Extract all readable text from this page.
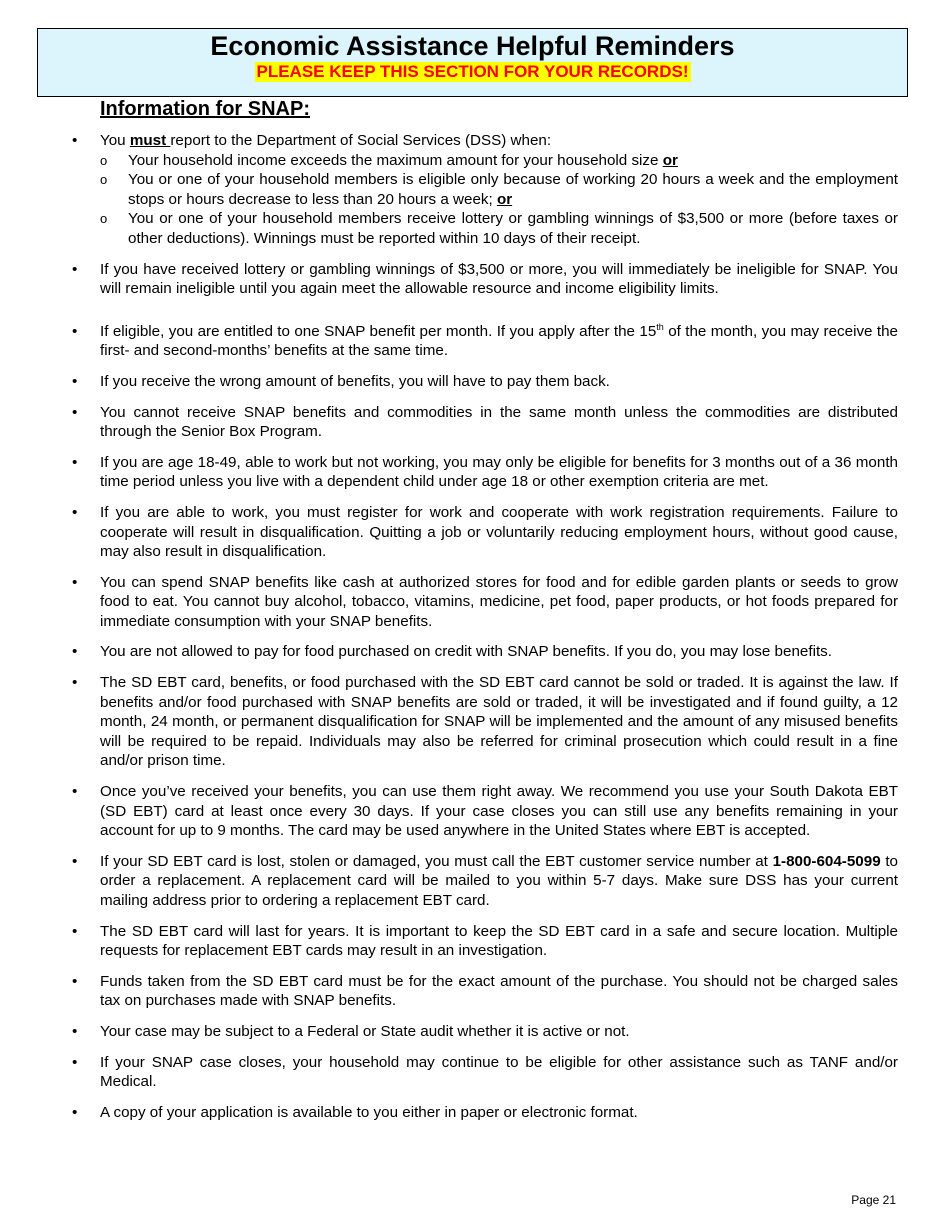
Economic Assistance Helpful Reminders
PLEASE KEEP THIS SECTION FOR YOUR RECORDS!
Information for SNAP:
•	You must report to the Department of Social Services (DSS) when:
o Your household income exceeds the maximum amount for your household size or
o You or one of your household members is eligible only because of working 20 hours a week and the employment stops or hours decrease to less than 20 hours a week; or
o You or one of your household members receive lottery or gambling winnings of $3,500 or more (before taxes or other deductions). Winnings must be reported within 10 days of their receipt.
•	If you have received lottery or gambling winnings of $3,500 or more, you will immediately be ineligible for SNAP. You will remain ineligible until you again meet the allowable resource and income eligibility limits.
•	If eligible, you are entitled to one SNAP benefit per month. If you apply after the 15th of the month, you may receive the first- and second-months’ benefits at the same time.
•	If you receive the wrong amount of benefits, you will have to pay them back.
•	You cannot receive SNAP benefits and commodities in the same month unless the commodities are distributed through the Senior Box Program.
•	If you are age 18-49, able to work but not working, you may only be eligible for benefits for 3 months out of a 36 month time period unless you live with a dependent child under age 18 or other exemption criteria are met.
•	If you are able to work, you must register for work and cooperate with work registration requirements. Failure to cooperate will result in disqualification. Quitting a job or voluntarily reducing employment hours, without good cause, may also result in disqualification.
•	You can spend SNAP benefits like cash at authorized stores for food and for edible garden plants or seeds to grow food to eat. You cannot buy alcohol, tobacco, vitamins, medicine, pet food, paper products, or hot foods prepared for immediate consumption with your SNAP benefits.
•	You are not allowed to pay for food purchased on credit with SNAP benefits. If you do, you may lose benefits.
•	The SD EBT card, benefits, or food purchased with the SD EBT card cannot be sold or traded. It is against the law. If benefits and/or food purchased with SNAP benefits are sold or traded, it will be investigated and if found guilty, a 12 month, 24 month, or permanent disqualification for SNAP will be implemented and the amount of any misused benefits will be required to be repaid. Individuals may also be referred for criminal prosecution which could result in a fine and/or prison time.
•	Once you’ve received your benefits, you can use them right away. We recommend you use your South Dakota EBT (SD EBT) card at least once every 30 days. If your case closes you can still use any benefits remaining in your account for up to 9 months. The card may be used anywhere in the United States where EBT is accepted.
•	If your SD EBT card is lost, stolen or damaged, you must call the EBT customer service number at 1-800-604-5099 to order a replacement. A replacement card will be mailed to you within 5-7 days. Make sure DSS has your current mailing address prior to ordering a replacement EBT card.
•	The SD EBT card will last for years. It is important to keep the SD EBT card in a safe and secure location. Multiple requests for replacement EBT cards may result in an investigation.
•	Funds taken from the SD EBT card must be for the exact amount of the purchase. You should not be charged sales tax on purchases made with SNAP benefits.
•	Your case may be subject to a Federal or State audit whether it is active or not.
•	If your SNAP case closes, your household may continue to be eligible for other assistance such as TANF and/or Medical.
•	A copy of your application is available to you either in paper or electronic format.
Page 21
